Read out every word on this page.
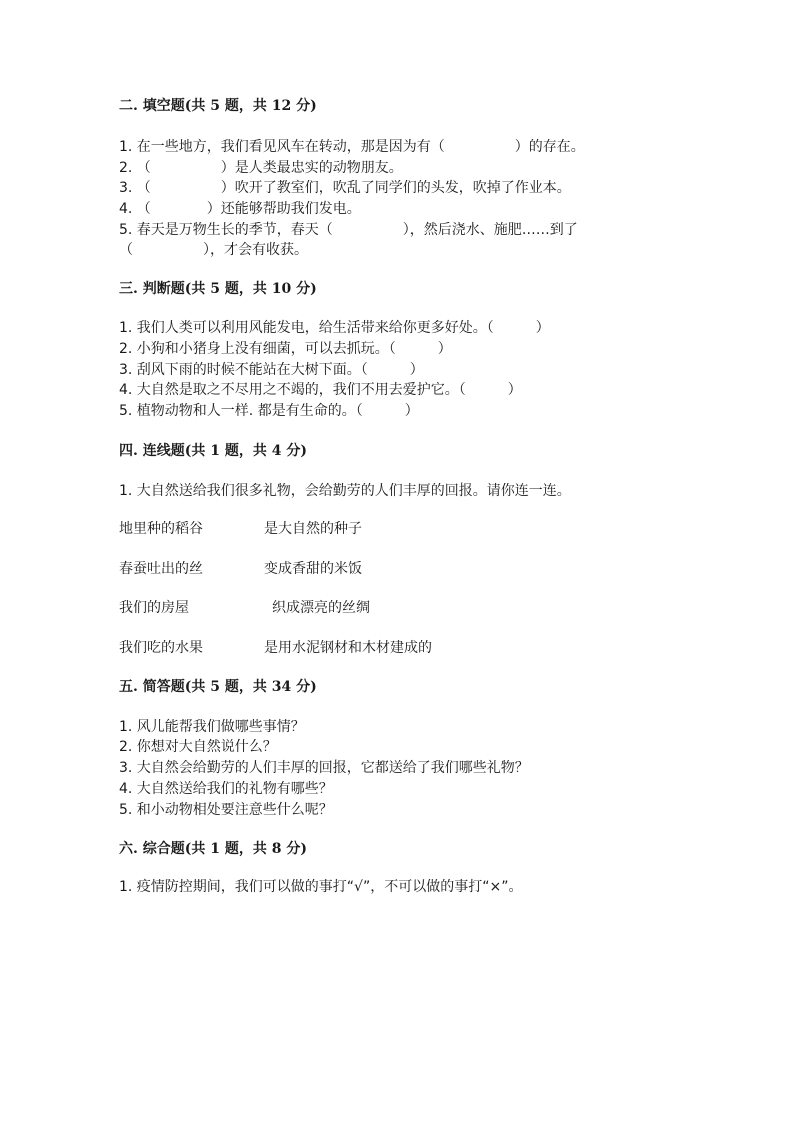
二. 填空题(共 5 题，共 12 分)
1. 在一些地方，我们看见风车在转动，那是因为有（　　　　　）的存在。
2. （　　　　　）是人类最忠实的动物朋友。
3. （　　　　　）吹开了教室们，吹乱了同学们的头发，吹掉了作业本。
4. （　　　　）还能够帮助我们发电。
5. 春天是万物生长的季节，春天（　　　　　），然后浇水、施肥……到了
（　　　　　），才会有收获。
三. 判断题(共 5 题，共 10 分)
1. 我们人类可以利用风能发电，给生活带来给你更多好处。（　　　）
2. 小狗和小猪身上没有细菌，可以去抓玩。（　　　）
3. 刮风下雨的时候不能站在大树下面。（　　　）
4. 大自然是取之不尽用之不竭的，我们不用去爱护它。（　　　）
5. 植物动物和人一样. 都是有生命的。（　　　）
四. 连线题(共 1 题，共 4 分)
1. 大自然送给我们很多礼物，会给勤劳的人们丰厚的回报。请你连一连。
地里种的稻谷	是大自然的种子
春蚕吐出的丝	变成香甜的米饭
我们的房屋	织成漂亮的丝绸
我们吃的水果	是用水泥钢材和木材建成的
五. 简答题(共 5 题，共 34 分)
1. 风儿能帮我们做哪些事情？
2. 你想对大自然说什么？
3. 大自然会给勤劳的人们丰厚的回报，它都送给了我们哪些礼物？
4. 大自然送给我们的礼物有哪些？
5. 和小动物相处要注意些什么呢？
六. 综合题(共 1 题，共 8 分)
1. 疫情防控期间，我们可以做的事打“√”，不可以做的事打“×”。
